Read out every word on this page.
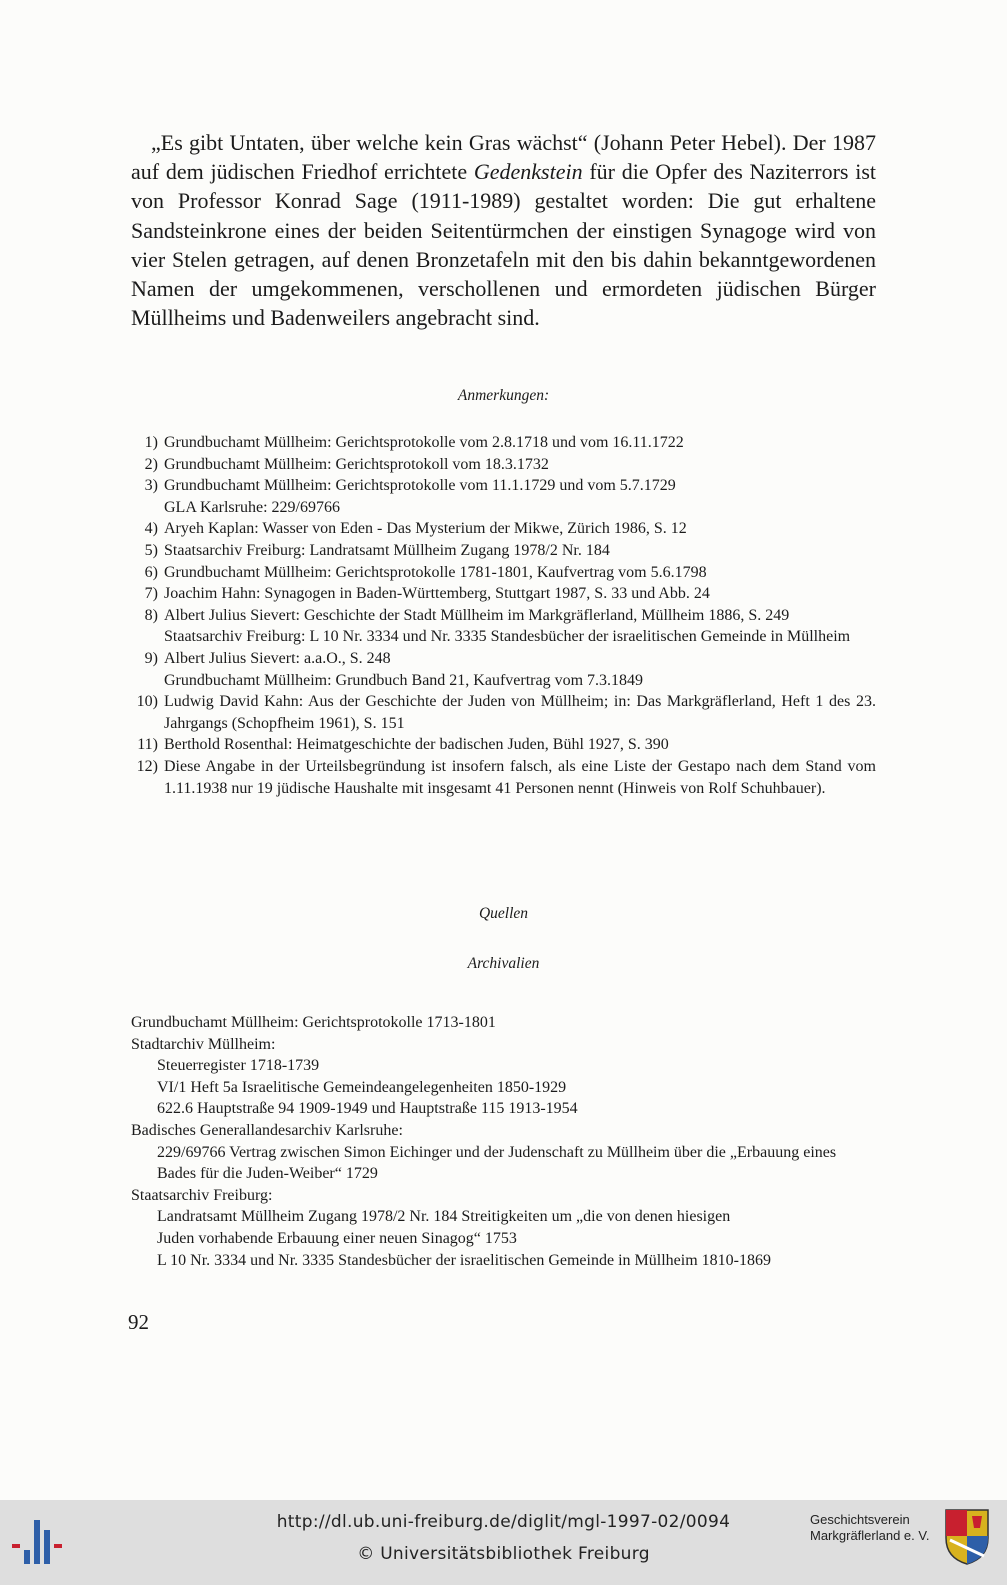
„Es gibt Untaten, über welche kein Gras wächst“ (Johann Peter Hebel). Der 1987 auf dem jüdischen Friedhof errichtete Gedenkstein für die Opfer des Naziterrors ist von Professor Konrad Sage (1911-1989) gestaltet worden: Die gut erhaltene Sandsteinkrone eines der beiden Seitentürmchen der einstigen Synagoge wird von vier Stelen getragen, auf denen Bronzetafeln mit den bis dahin bekanntgewordenen Namen der umgekommenen, verschollenen und ermordeten jüdischen Bürger Müllheims und Badenweilers angebracht sind.

Anmerkungen:
1) Grundbuchamt Müllheim: Gerichtsprotokolle vom 2.8.1718 und vom 16.11.1722
2) Grundbuchamt Müllheim: Gerichtsprotokoll vom 18.3.1732
3) Grundbuchamt Müllheim: Gerichtsprotokolle vom 11.1.1729 und vom 5.7.1729
GLA Karlsruhe: 229/69766
4) Aryeh Kaplan: Wasser von Eden - Das Mysterium der Mikwe, Zürich 1986, S. 12
5) Staatsarchiv Freiburg: Landratsamt Müllheim Zugang 1978/2 Nr. 184
6) Grundbuchamt Müllheim: Gerichtsprotokolle 1781-1801, Kaufvertrag vom 5.6.1798
7) Joachim Hahn: Synagogen in Baden-Württemberg, Stuttgart 1987, S. 33 und Abb. 24
8) Albert Julius Sievert: Geschichte der Stadt Müllheim im Markgräflerland, Müllheim 1886, S. 249
Staatsarchiv Freiburg: L 10 Nr. 3334 und Nr. 3335 Standesbücher der israelitischen Gemeinde in Müllheim
9) Albert Julius Sievert: a.a.O., S. 248
Grundbuchamt Müllheim: Grundbuch Band 21, Kaufvertrag vom 7.3.1849
10) Ludwig David Kahn: Aus der Geschichte der Juden von Müllheim; in: Das Markgräflerland, Heft 1 des 23. Jahrgangs (Schopfheim 1961), S. 151
11) Berthold Rosenthal: Heimatgeschichte der badischen Juden, Bühl 1927, S. 390
12) Diese Angabe in der Urteilsbegründung ist insofern falsch, als eine Liste der Gestapo nach dem Stand vom 1.11.1938 nur 19 jüdische Haushalte mit insgesamt 41 Personen nennt (Hinweis von Rolf Schuhbauer).
Quellen
Archivalien
Grundbuchamt Müllheim: Gerichtsprotokolle 1713-1801
Stadtarchiv Müllheim:
Steuerregister 1718-1739
VI/1 Heft 5a Israelitische Gemeindeangelegenheiten 1850-1929
622.6 Hauptstraße 94 1909-1949 und Hauptstraße 115 1913-1954
Badisches Generallandesarchiv Karlsruhe:
229/69766 Vertrag zwischen Simon Eichinger und der Judenschaft zu Müllheim über die „Erbauung eines Bades für die Juden-Weiber“ 1729
Staatsarchiv Freiburg:
Landratsamt Müllheim Zugang 1978/2 Nr. 184 Streitigkeiten um „die von denen hiesigen
Juden vorhabende Erbauung einer neuen Sinagog“ 1753
L 10 Nr. 3334 und Nr. 3335 Standesbücher der israelitischen Gemeinde in Müllheim 1810-1869
92
http://dl.ub.uni-freiburg.de/diglit/mgl-1997-02/0094
© Universitätsbibliothek Freiburg
Geschichtsverein
Markgräflerland e. V.
